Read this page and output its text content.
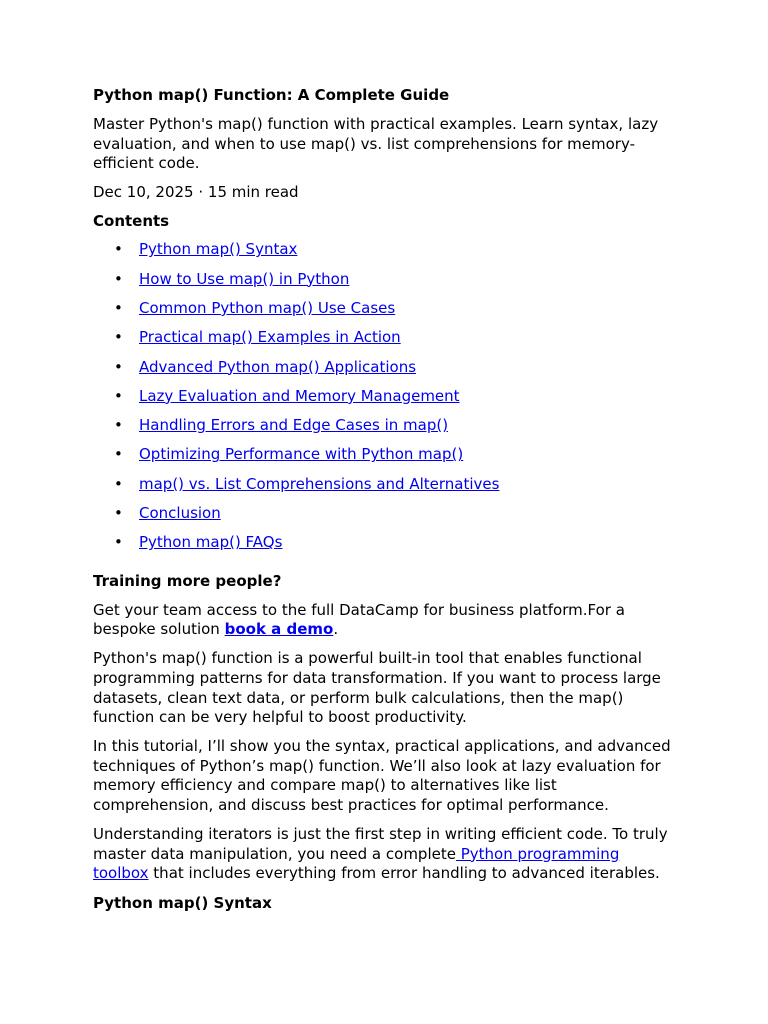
Python map() Function: A Complete Guide

Master Python's map() function with practical examples. Learn syntax, lazy evaluation, and when to use map() vs. list comprehensions for memory-efficient code.

Dec 10, 2025 · 15 min read

Contents
• Python map() Syntax
• How to Use map() in Python
• Common Python map() Use Cases
• Practical map() Examples in Action
• Advanced Python map() Applications
• Lazy Evaluation and Memory Management
• Handling Errors and Edge Cases in map()
• Optimizing Performance with Python map()
• map() vs. List Comprehensions and Alternatives
• Conclusion
• Python map() FAQs
Training more people?

Get your team access to the full DataCamp for business platform.For a bespoke solution book a demo.

Python's map() function is a powerful built-in tool that enables functional programming patterns for data transformation. If you want to process large datasets, clean text data, or perform bulk calculations, then the map() function can be very helpful to boost productivity.

In this tutorial, I’ll show you the syntax, practical applications, and advanced techniques of Python’s map() function. We’ll also look at lazy evaluation for memory efficiency and compare map() to alternatives like list comprehension, and discuss best practices for optimal performance.

Understanding iterators is just the first step in writing efficient code. To truly master data manipulation, you need a complete Python programming toolbox that includes everything from error handling to advanced iterables.

Python map() Syntax
